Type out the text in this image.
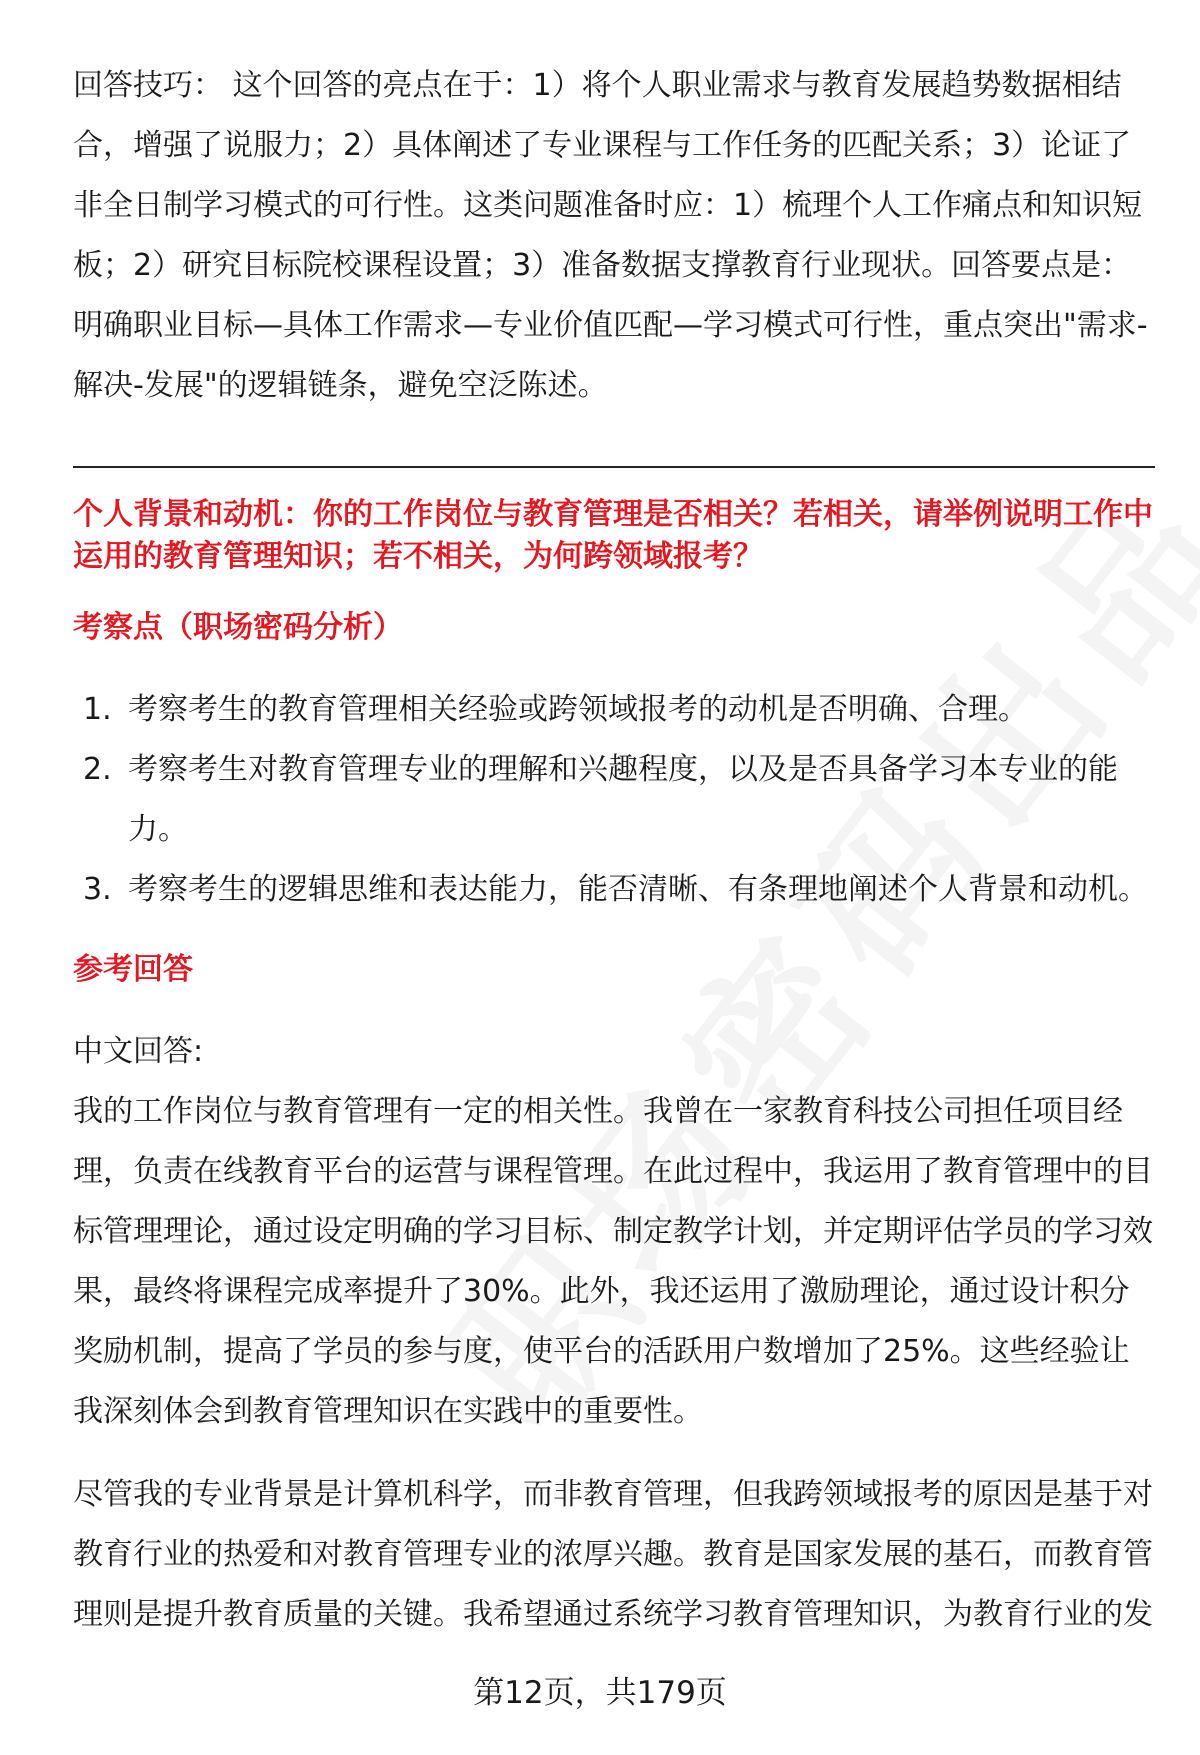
回答技巧： 这个回答的亮点在于：1）将个人职业需求与教育发展趋势数据相结合，增强了说服力；2）具体阐述了专业课程与工作任务的匹配关系；3）论证了非全日制学习模式的可行性。这类问题准备时应：1）梳理个人工作痛点和知识短板；2）研究目标院校课程设置；3）准备数据支撑教育行业现状。回答要点是：明确职业目标—具体工作需求—专业价值匹配—学习模式可行性，重点突出"需求-解决-发展"的逻辑链条，避免空泛陈述。

个人背景和动机：你的工作岗位与教育管理是否相关？若相关，请举例说明工作中运用的教育管理知识；若不相关，为何跨领域报考？

考察点（职场密码分析）

1. 考察考生的教育管理相关经验或跨领域报考的动机是否明确、合理。
2. 考察考生对教育管理专业的理解和兴趣程度，以及是否具备学习本专业的能力。
3. 考察考生的逻辑思维和表达能力，能否清晰、有条理地阐述个人背景和动机。

参考回答

中文回答:

我的工作岗位与教育管理有一定的相关性。我曾在一家教育科技公司担任项目经理，负责在线教育平台的运营与课程管理。在此过程中，我运用了教育管理中的目标管理理论，通过设定明确的学习目标、制定教学计划，并定期评估学员的学习效果，最终将课程完成率提升了30%。此外，我还运用了激励理论，通过设计积分奖励机制，提高了学员的参与度，使平台的活跃用户数增加了25%。这些经验让我深刻体会到教育管理知识在实践中的重要性。

尽管我的专业背景是计算机科学，而非教育管理，但我跨领域报考的原因是基于对教育行业的热爱和对教育管理专业的浓厚兴趣。教育是国家发展的基石，而教育管理则是提升教育质量的关键。我希望通过系统学习教育管理知识，为教育行业的发

第12页，共179页
